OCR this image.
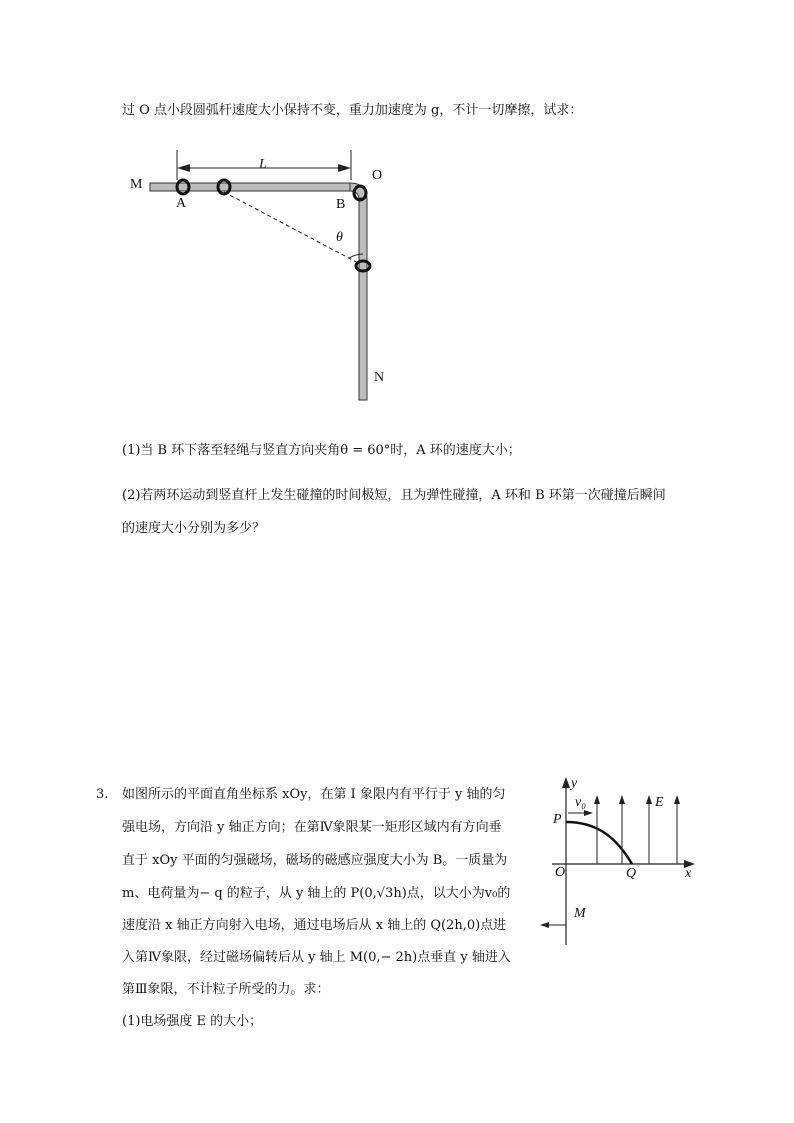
过 O 点小段圆弧杆速度大小保持不变，重力加速度为 g，不计一切摩擦，试求：
M
A	B
O
L
θ
N
(1)当 B 环下落至轻绳与竖直方向夹角θ = 60°时，A 环的速度大小；
(2)若两环运动到竖直杆上发生碰撞的时间极短，且为弹性碰撞，A 环和 B 环第一次碰撞后瞬间
的速度大小分别为多少？
3. 如图所示的平面直角坐标系 xOy，在第 I 象限内有平行于 y 轴的匀
强电场，方向沿 y 轴正方向；在第Ⅳ象限某一矩形区域内有方向垂
直于 xOy 平面的匀强磁场，磁场的磁感应强度大小为 B。一质量为
m、电荷量为− q 的粒子，从 y 轴上的 P(0,√3h)点，以大小为v₀的
速度沿 x 轴正方向射入电场，通过电场后从 x 轴上的 Q(2h,0)点进
入第Ⅳ象限，经过磁场偏转后从 y 轴上 M(0,− 2h)点垂直 y 轴进入
第Ⅲ象限，不计粒子所受的力。求：
(1)电场强度 E 的大小；
y
v₀	E
P
O	Q	x
M
